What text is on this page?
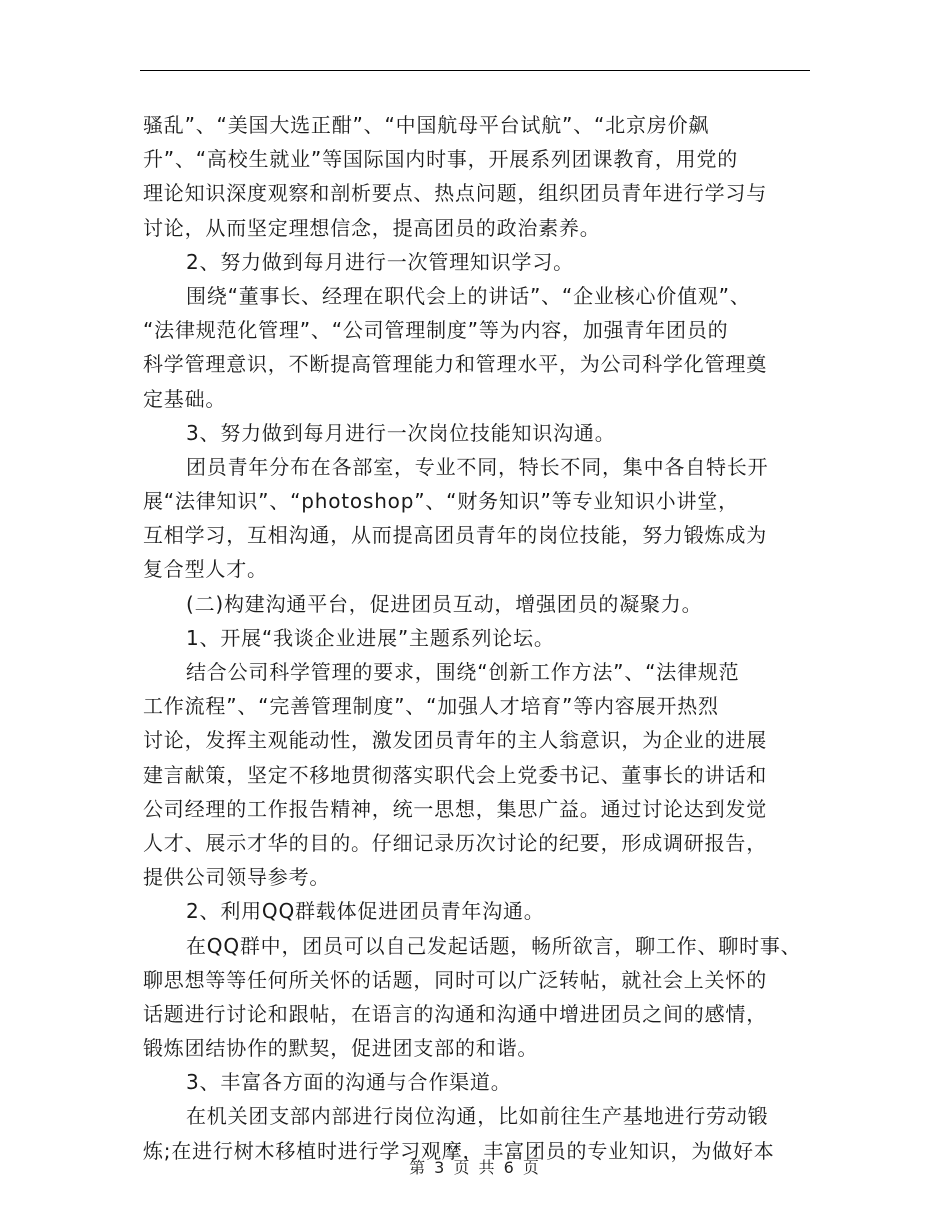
骚乱”、“美国大选正酣”、“中国航母平台试航”、“北京房价飙
升”、“高校生就业”等国际国内时事，开展系列团课教育，用党的
理论知识深度观察和剖析要点、热点问题，组织团员青年进行学习与
讨论，从而坚定理想信念，提高团员的政治素养。
2、努力做到每月进行一次管理知识学习。
围绕“董事长、经理在职代会上的讲话”、“企业核心价值观”、
“法律规范化管理”、“公司管理制度”等为内容，加强青年团员的
科学管理意识，不断提高管理能力和管理水平，为公司科学化管理奠
定基础。
3、努力做到每月进行一次岗位技能知识沟通。
团员青年分布在各部室，专业不同，特长不同，集中各自特长开
展“法律知识”、“photoshop”、“财务知识”等专业知识小讲堂，
互相学习，互相沟通，从而提高团员青年的岗位技能，努力锻炼成为
复合型人才。
(二)构建沟通平台，促进团员互动，增强团员的凝聚力。
1、开展“我谈企业进展”主题系列论坛。
结合公司科学管理的要求，围绕“创新工作方法”、“法律规范
工作流程”、“完善管理制度”、“加强人才培育”等内容展开热烈
讨论，发挥主观能动性，激发团员青年的主人翁意识，为企业的进展
建言献策，坚定不移地贯彻落实职代会上党委书记、董事长的讲话和
公司经理的工作报告精神，统一思想，集思广益。通过讨论达到发觉
人才、展示才华的目的。仔细记录历次讨论的纪要，形成调研报告，
提供公司领导参考。
2、利用QQ群载体促进团员青年沟通。
在QQ群中，团员可以自己发起话题，畅所欲言，聊工作、聊时事、
聊思想等等任何所关怀的话题，同时可以广泛转帖，就社会上关怀的
话题进行讨论和跟帖，在语言的沟通和沟通中增进团员之间的感情，
锻炼团结协作的默契，促进团支部的和谐。
3、丰富各方面的沟通与合作渠道。
在机关团支部内部进行岗位沟通，比如前往生产基地进行劳动锻
炼;在进行树木移植时进行学习观摩，丰富团员的专业知识，为做好本
第 3 页 共 6 页
